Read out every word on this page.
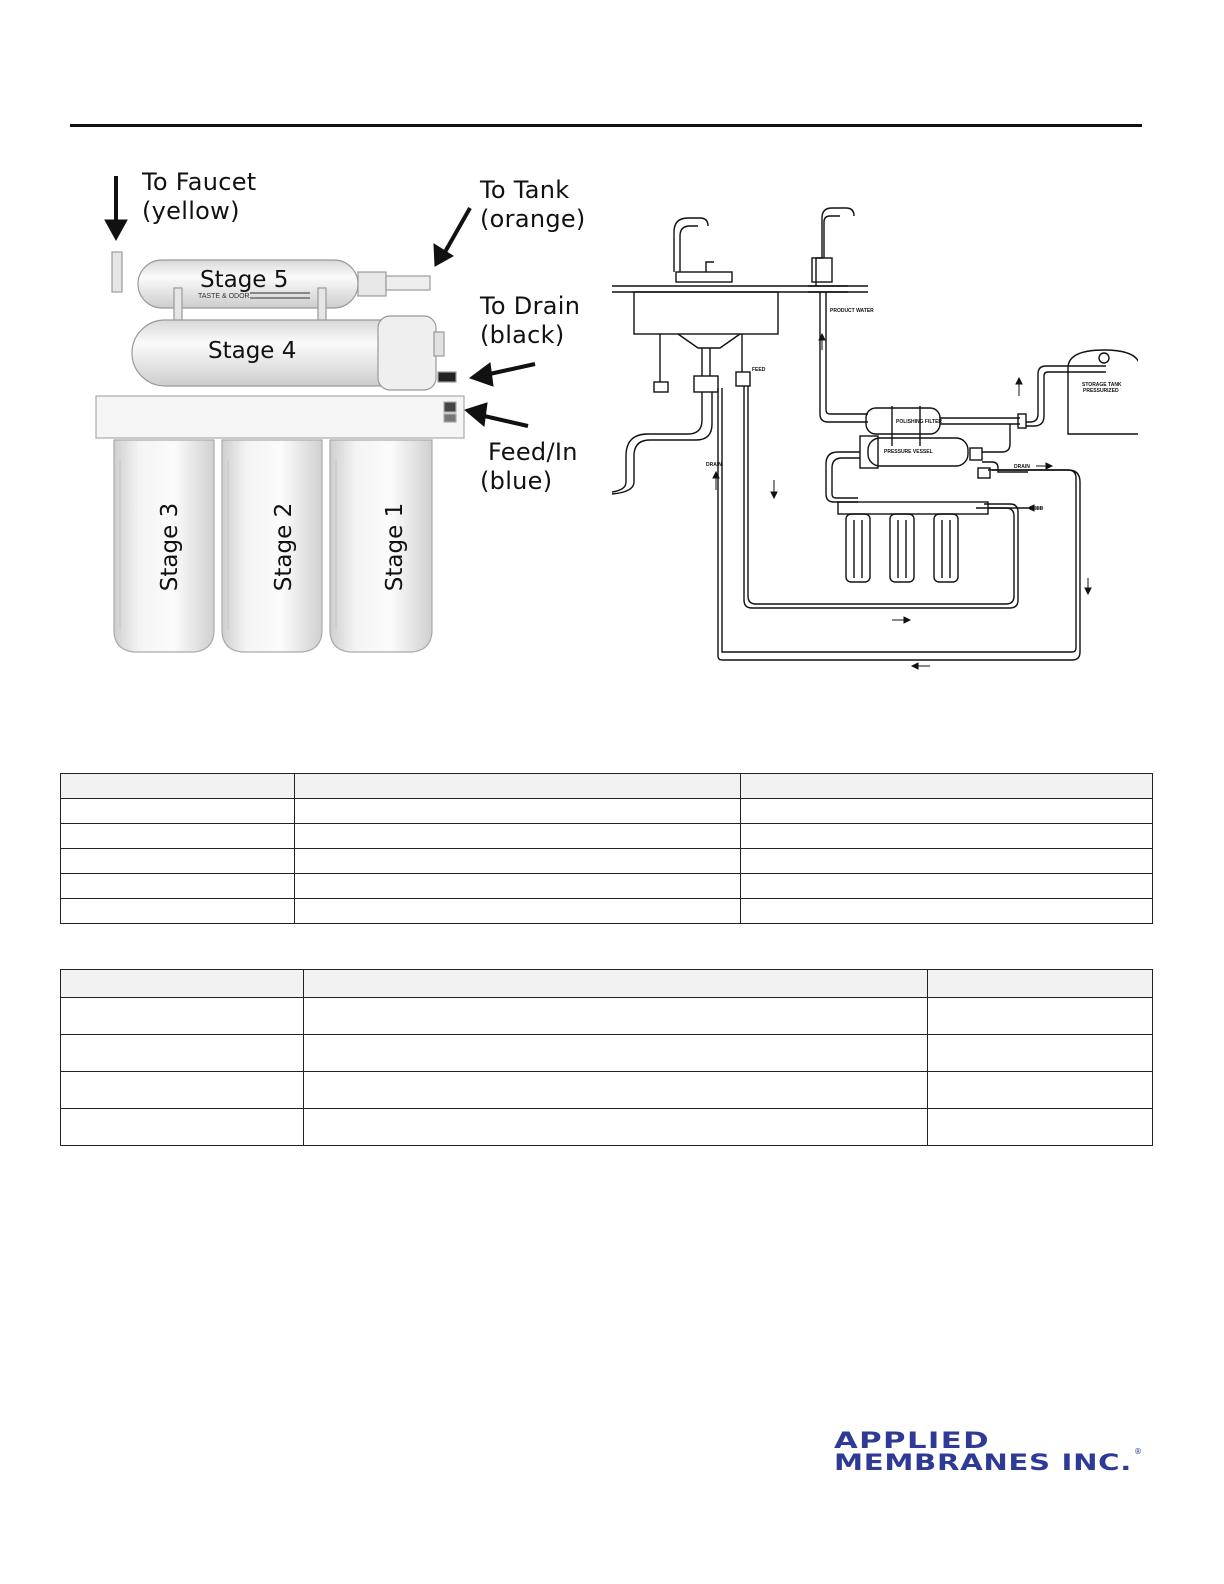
TASTE & ODOR
To Faucet
(yellow)
To Tank
(orange)
To Drain
(black)
Feed/In
(blue)
Stage 5
Stage 4
Stage 3	Stage 2	Stage 1
PRODUCT WATER
STORAGE TANK
PRESSURIZED
POLISHING FILTER
PRESSURE VESSEL
FEED
FEED
DRAIN	DRAIN

APPLIED
MEMBRANES INC. ®
